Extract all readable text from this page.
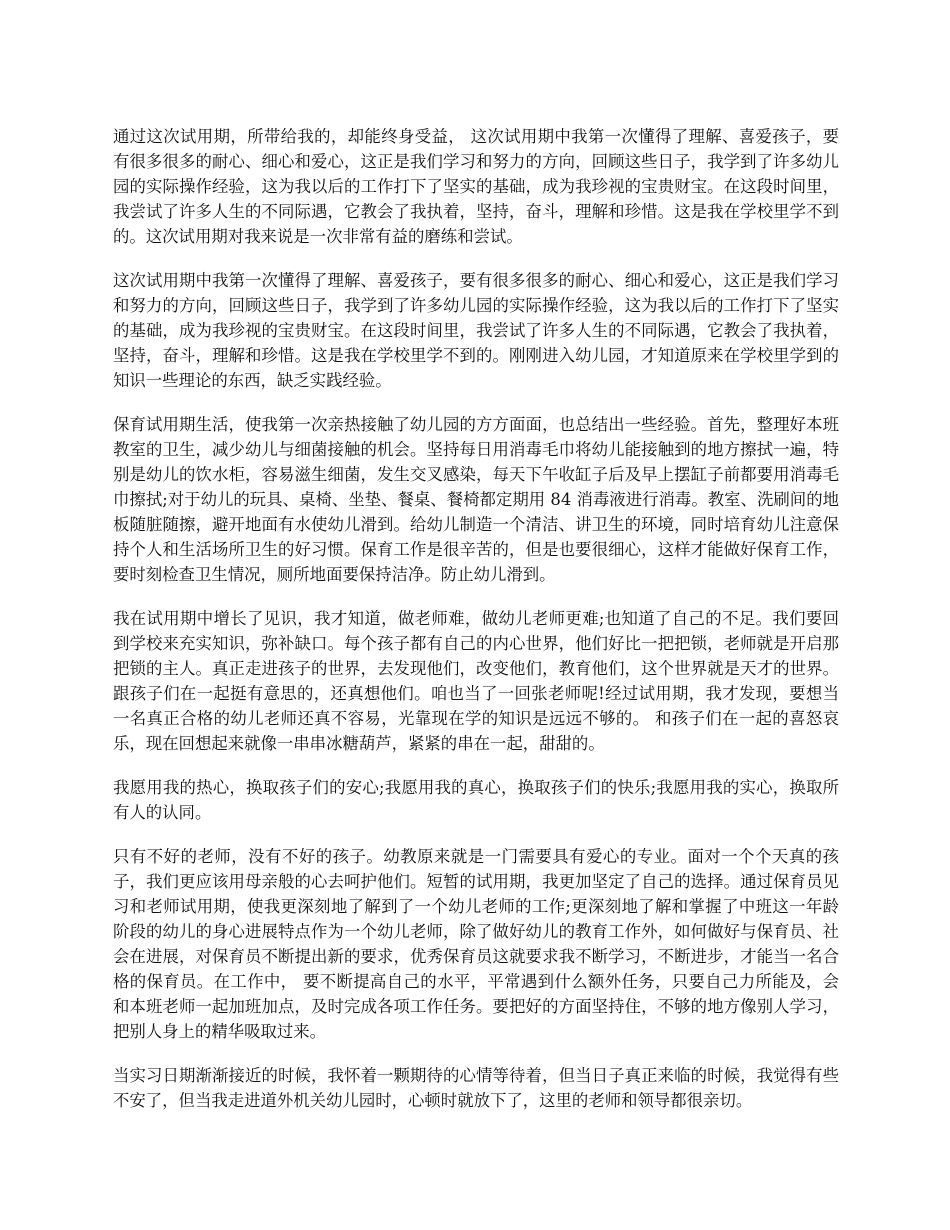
通过这次试用期，所带给我的，却能终身受益， 这次试用期中我第一次懂得了理解、喜爱孩子，要有很多很多的耐心、细心和爱心，这正是我们学习和努力的方向，回顾这些日子，我学到了许多幼儿园的实际操作经验，这为我以后的工作打下了坚实的基础，成为我珍视的宝贵财宝。在这段时间里，我尝试了许多人生的不同际遇，它教会了我执着，坚持，奋斗，理解和珍惜。这是我在学校里学不到的。这次试用期对我来说是一次非常有益的磨练和尝试。

这次试用期中我第一次懂得了理解、喜爱孩子，要有很多很多的耐心、细心和爱心，这正是我们学习和努力的方向，回顾这些日子，我学到了许多幼儿园的实际操作经验，这为我以后的工作打下了坚实的基础，成为我珍视的宝贵财宝。在这段时间里，我尝试了许多人生的不同际遇，它教会了我执着，坚持，奋斗，理解和珍惜。这是我在学校里学不到的。刚刚进入幼儿园，才知道原来在学校里学到的知识一些理论的东西，缺乏实践经验。

保育试用期生活，使我第一次亲热接触了幼儿园的方方面面，也总结出一些经验。首先，整理好本班教室的卫生，减少幼儿与细菌接触的机会。坚持每日用消毒毛巾将幼儿能接触到的地方擦拭一遍，特别是幼儿的饮水柜，容易滋生细菌，发生交叉感染，每天下午收缸子后及早上摆缸子前都要用消毒毛巾擦拭;对于幼儿的玩具、桌椅、坐垫、餐桌、餐椅都定期用 84 消毒液进行消毒。教室、洗刷间的地板随脏随擦，避开地面有水使幼儿滑到。给幼儿制造一个清洁、讲卫生的环境，同时培育幼儿注意保持个人和生活场所卫生的好习惯。保育工作是很辛苦的，但是也要很细心，这样才能做好保育工作，要时刻检查卫生情况，厕所地面要保持洁净。防止幼儿滑到。

我在试用期中增长了见识，我才知道，做老师难，做幼儿老师更难;也知道了自己的不足。我们要回到学校来充实知识，弥补缺口。每个孩子都有自己的内心世界，他们好比一把把锁，老师就是开启那把锁的主人。真正走进孩子的世界，去发现他们，改变他们，教育他们，这个世界就是天才的世界。 跟孩子们在一起挺有意思的，还真想他们。咱也当了一回张老师呢!经过试用期，我才发现，要想当一名真正合格的幼儿老师还真不容易，光靠现在学的知识是远远不够的。 和孩子们在一起的喜怒哀乐，现在回想起来就像一串串冰糖葫芦，紧紧的串在一起，甜甜的。

我愿用我的热心，换取孩子们的安心;我愿用我的真心，换取孩子们的快乐;我愿用我的实心，换取所有人的认同。

只有不好的老师，没有不好的孩子。幼教原来就是一门需要具有爱心的专业。面对一个个天真的孩子，我们更应该用母亲般的心去呵护他们。短暂的试用期，我更加坚定了自己的选择。通过保育员见习和老师试用期，使我更深刻地了解到了一个幼儿老师的工作;更深刻地了解和掌握了中班这一年龄阶段的幼儿的身心进展特点作为一个幼儿老师，除了做好幼儿的教育工作外，如何做好与保育员、社会在进展，对保育员不断提出新的要求，优秀保育员这就要求我不断学习，不断进步，才能当一名合格的保育员。在工作中， 要不断提高自己的水平，平常遇到什么额外任务，只要自己力所能及，会和本班老师一起加班加点，及时完成各项工作任务。要把好的方面坚持住，不够的地方像别人学习，把别人身上的精华吸取过来。

当实习日期渐渐接近的时候，我怀着一颗期待的心情等待着，但当日子真正来临的时候，我觉得有些不安了，但当我走进道外机关幼儿园时，心顿时就放下了，这里的老师和领导都很亲切。
